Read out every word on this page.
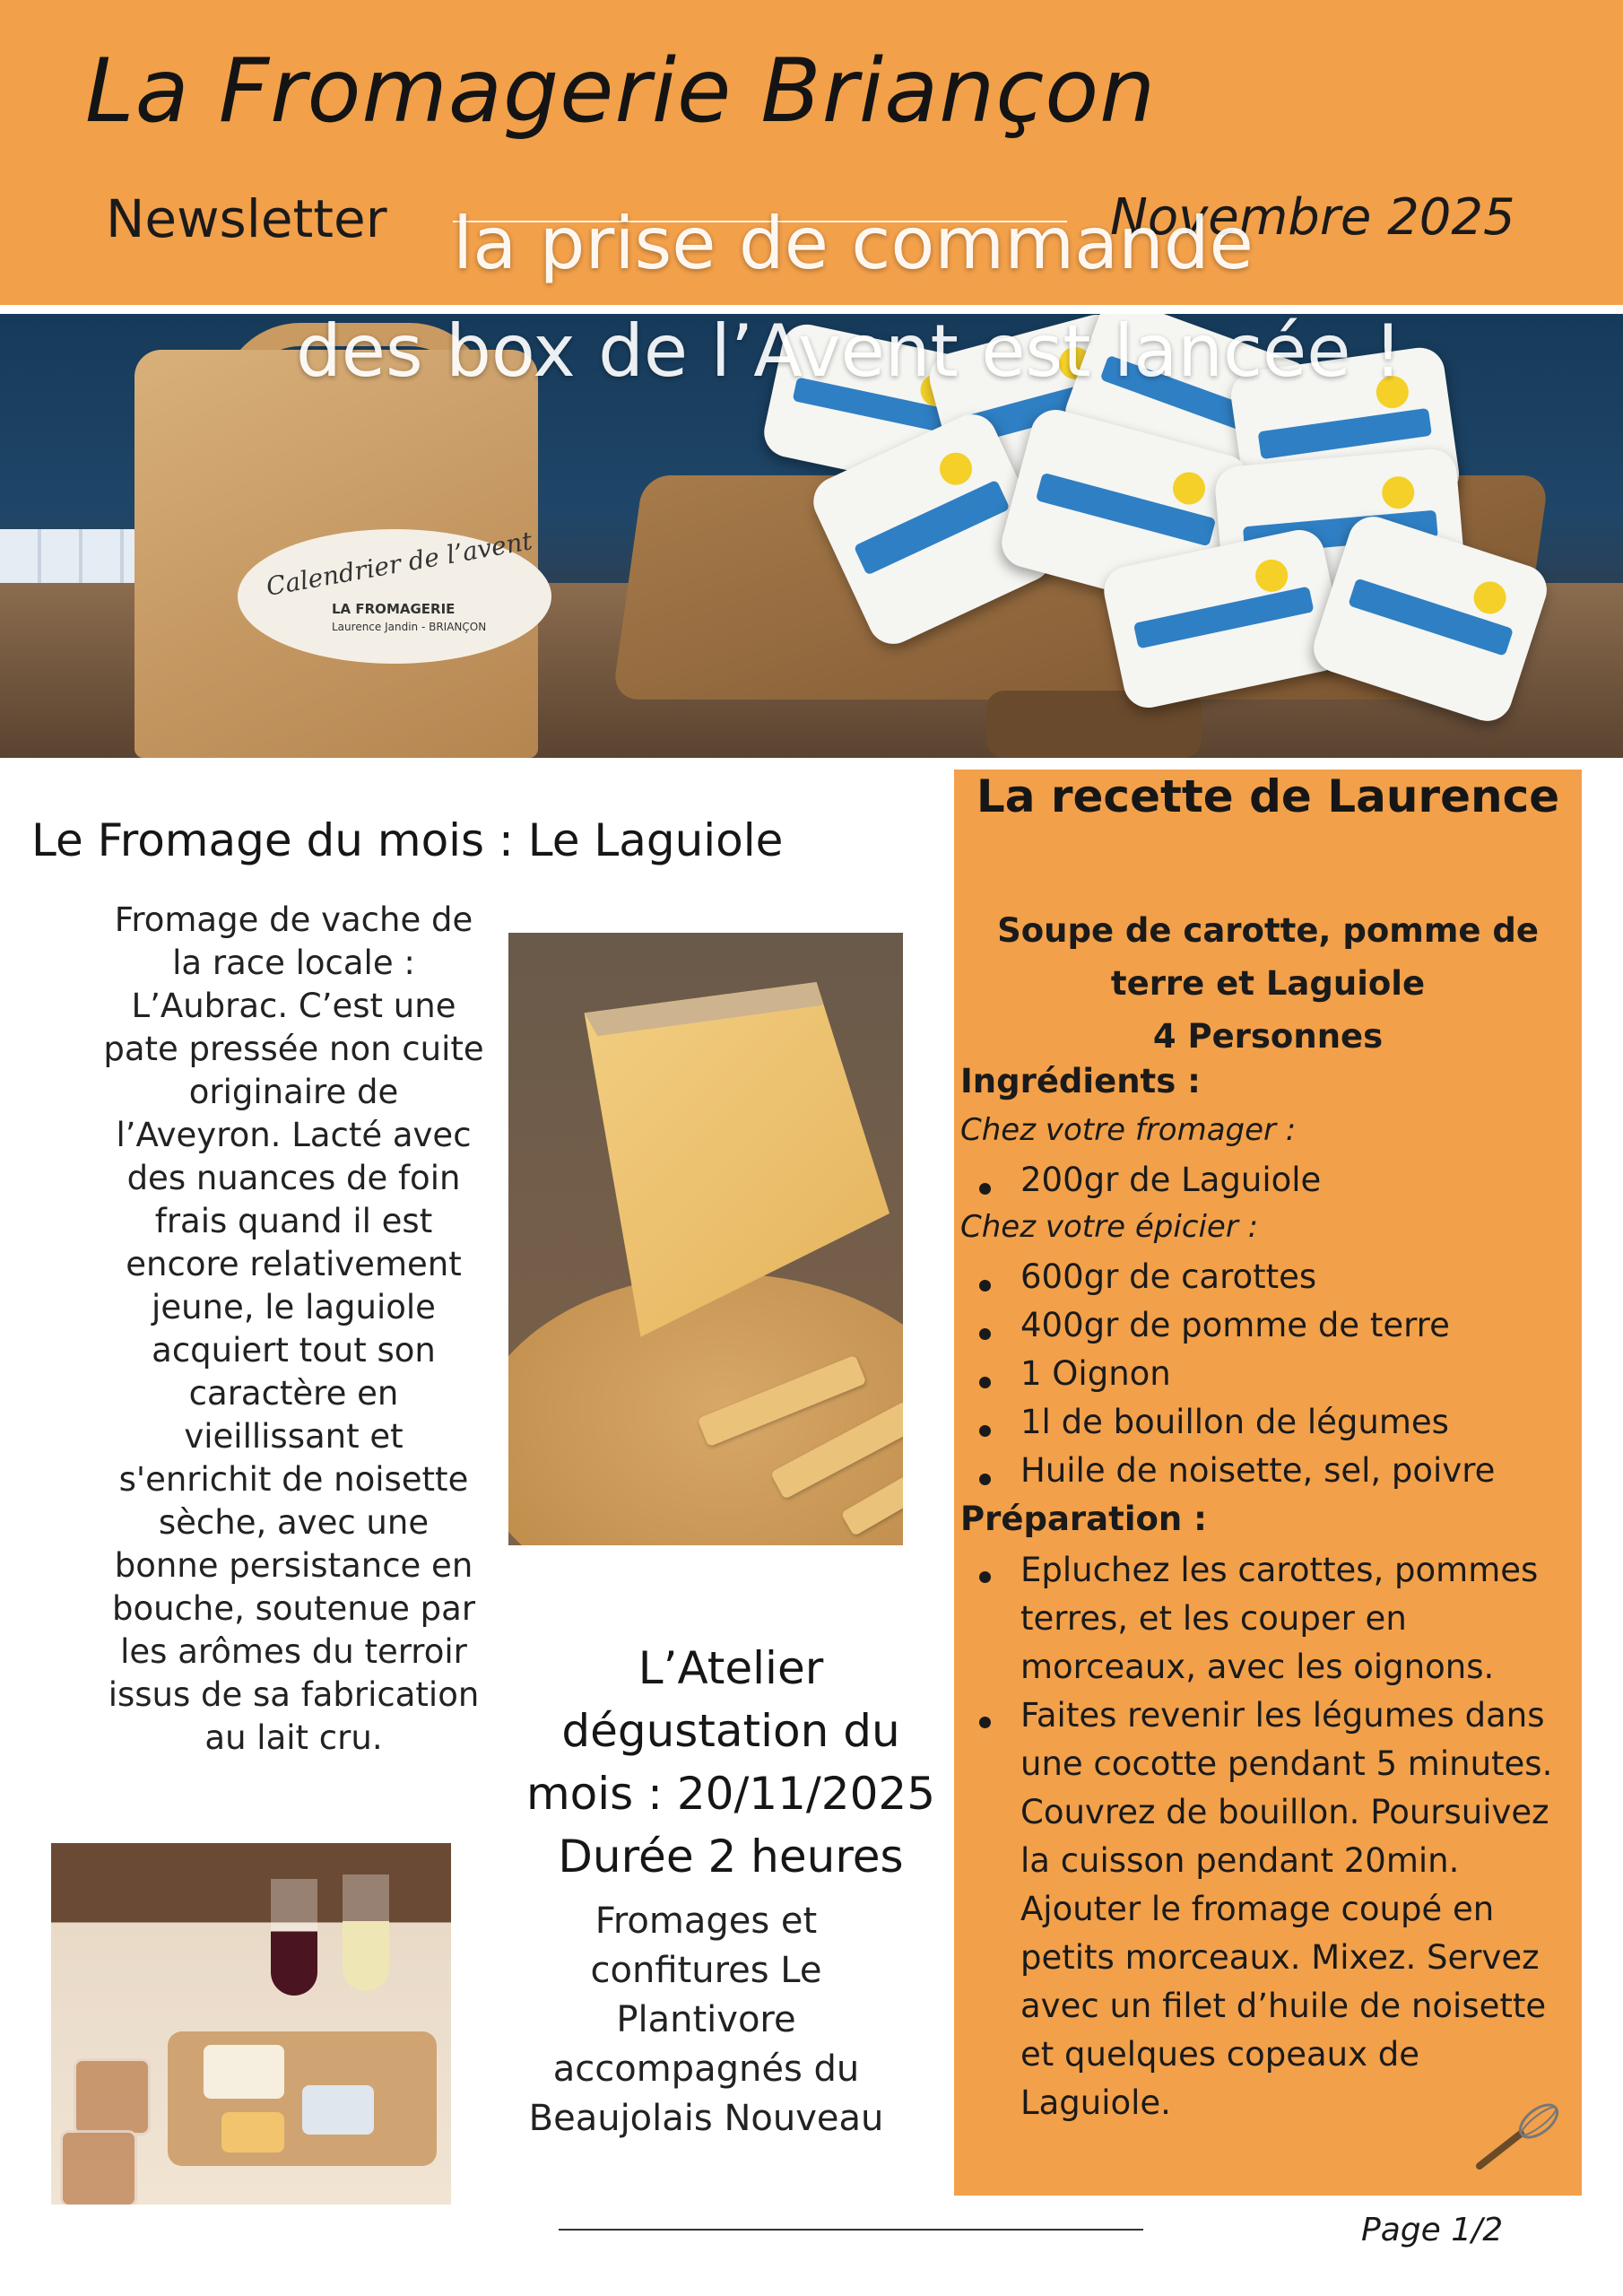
La Fromagerie Briançon
Newsletter	Novembre 2025
Calendrier de l’avent
LA FROMAGERIE
Laurence Jandin - BRIANÇON
la prise de commande
des box de l’Avent est lancée !
Le Fromage du mois : Le Laguiole
Fromage de vache de la race locale : L’Aubrac. C’est une pate pressée non cuite originaire de l’Aveyron. Lacté avec des nuances de foin frais quand il est encore relativement jeune, le laguiole acquiert tout son caractère en vieillissant et s'enrichit de noisette sèche, avec une bonne persistance en bouche, soutenue par les arômes du terroir issus de sa fabrication au lait cru.
L’Atelier dégustation du mois : 20/11/2025
Durée 2 heures
Fromages et confitures Le Plantivore accompagnés du Beaujolais Nouveau
La recette de Laurence
Soupe de carotte, pomme de terre et Laguiole
4 Personnes
Ingrédients :
Chez votre fromager :
200gr de Laguiole
Chez votre épicier :
600gr de carottes
400gr de pomme de terre
1 Oignon
1l de bouillon de légumes
Huile de noisette, sel, poivre
Préparation :
Epluchez les carottes, pommes terres, et les couper en morceaux, avec les oignons.
Faites revenir les légumes dans une cocotte pendant 5 minutes. Couvrez de bouillon. Poursuivez la cuisson pendant 20min. Ajouter le fromage coupé en petits morceaux. Mixez. Servez avec un filet d’huile de noisette et quelques copeaux de Laguiole.
Page 1/2
